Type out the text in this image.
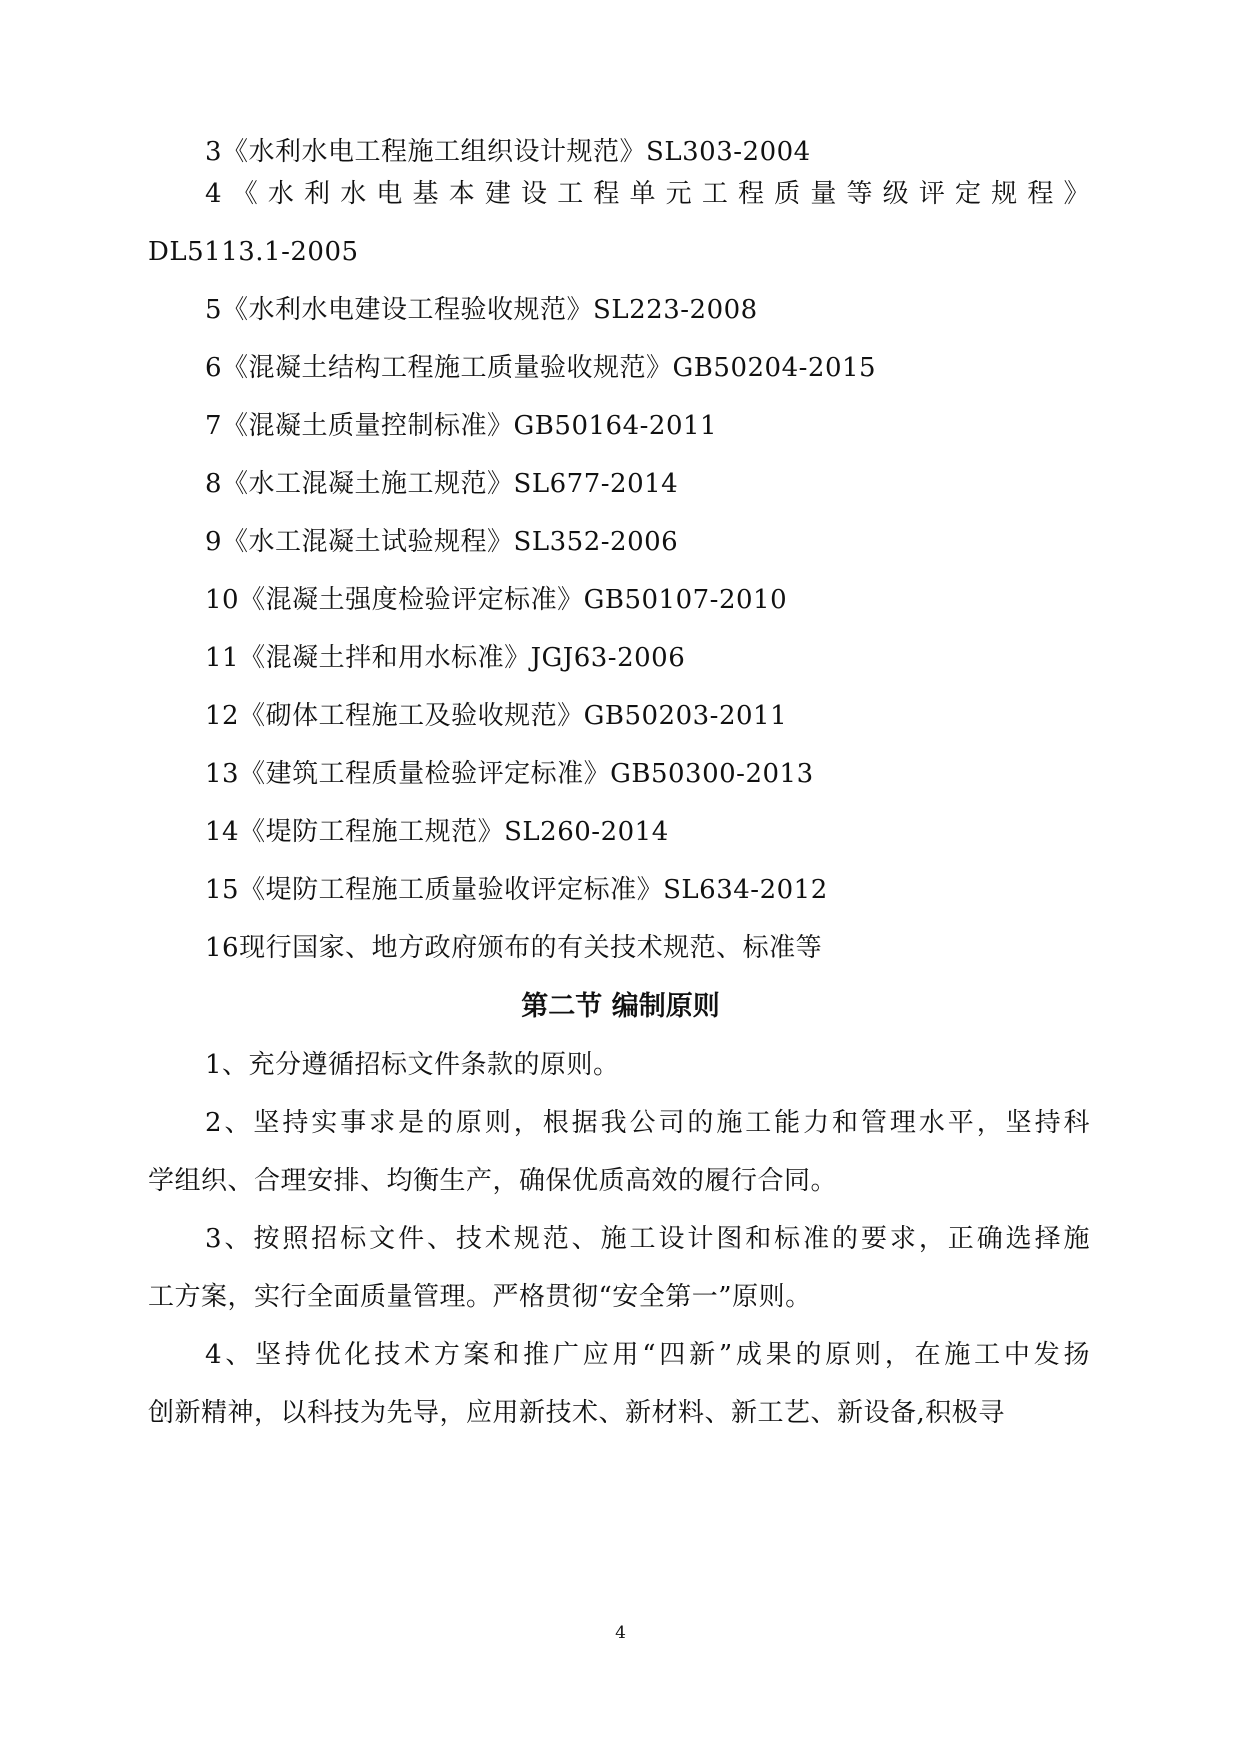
3《水利水电工程施工组织设计规范》SL303-2004
4《水利水电基本建设工程单元工程质量等级评定规程》
DL5113.1-2005
5《水利水电建设工程验收规范》SL223-2008
6《混凝土结构工程施工质量验收规范》GB50204-2015
7《混凝土质量控制标准》GB50164-2011
8《水工混凝土施工规范》SL677-2014
9《水工混凝土试验规程》SL352-2006
10《混凝土强度检验评定标准》GB50107-2010
11《混凝土拌和用水标准》JGJ63-2006
12《砌体工程施工及验收规范》GB50203-2011
13《建筑工程质量检验评定标准》GB50300-2013
14《堤防工程施工规范》SL260-2014
15《堤防工程施工质量验收评定标准》SL634-2012
16现行国家、地方政府颁布的有关技术规范、标准等
第二节 编制原则
1、充分遵循招标文件条款的原则。
2、坚持实事求是的原则，根据我公司的施工能力和管理水平，坚持科
学组织、合理安排、均衡生产，确保优质高效的履行合同。
3、按照招标文件、技术规范、施工设计图和标准的要求，正确选择施
工方案，实行全面质量管理。严格贯彻“安全第一”原则。
4、坚持优化技术方案和推广应用“四新”成果的原则，在施工中发扬
创新精神，以科技为先导，应用新技术、新材料、新工艺、新设备,积极寻
4
